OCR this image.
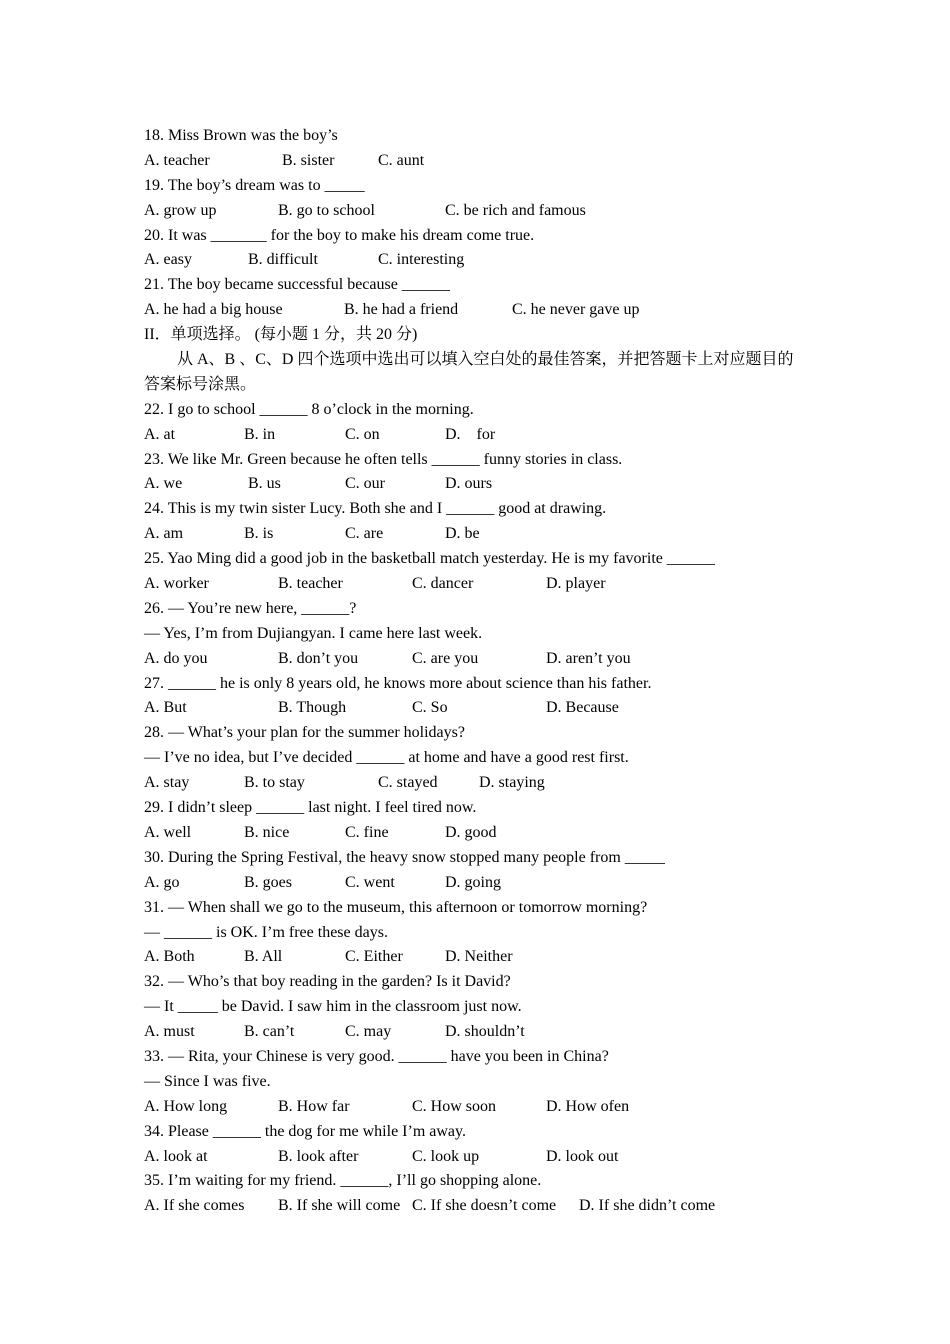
18. Miss Brown was the boy’s
A. teacher	B. sister	C. aunt
19. The boy’s dream was to _____
A. grow up	B. go to school	C. be rich and famous
20. It was _______ for the boy to make his dream come true.
A. easy	B. difficult	C. interesting
21. The boy became successful because ______
A. he had a big house	B. he had a friend	C. he never gave up
II．单项选择。 (每小题 1 分，共 20 分)
从 A、B 、C、D 四个选项中选出可以填入空白处的最佳答案，并把答题卡上对应题目的
答案标号涂黑。
22. I go to school ______ 8 o’clock in the morning.
A. at	B. in	C. on	D.    for
23. We like Mr. Green because he often tells ______ funny stories in class.
A. we	B. us	C. our	D. ours
24. This is my twin sister Lucy. Both she and I ______ good at drawing.
A. am	B. is	C. are	D. be
25. Yao Ming did a good job in the basketball match yesterday. He is my favorite ______
A. worker	B. teacher	C. dancer	D. player
26. — You’re new here, ______?
— Yes, I’m from Dujiangyan. I came here last week.
A. do you	B. don’t you	C. are you	D. aren’t you
27. ______ he is only 8 years old, he knows more about science than his father.
A. But	B. Though	C. So	D. Because
28. — What’s your plan for the summer holidays?
— I’ve no idea, but I’ve decided ______ at home and have a good rest first.
A. stay	B. to stay	C. stayed	D. staying
29. I didn’t sleep ______ last night. I feel tired now.
A. well	B. nice	C. fine	D. good
30. During the Spring Festival, the heavy snow stopped many people from _____
A. go	B. goes	C. went	D. going
31. — When shall we go to the museum, this afternoon or tomorrow morning?
— ______ is OK. I’m free these days.
A. Both	B. All	C. Either	D. Neither
32. — Who’s that boy reading in the garden? Is it David?
— It _____ be David. I saw him in the classroom just now.
A. must	B. can’t	C. may	D. shouldn’t
33. — Rita, your Chinese is very good. ______ have you been in China?
— Since I was five.
A. How long	B. How far	C. How soon	D. How ofen
34. Please ______ the dog for me while I’m away.
A. look at	B. look after	C. look up	D. look out
35. I’m waiting for my friend. ______, I’ll go shopping alone.
A. If she comes B. If she will come C. If she doesn’t come D. If she didn’t come
